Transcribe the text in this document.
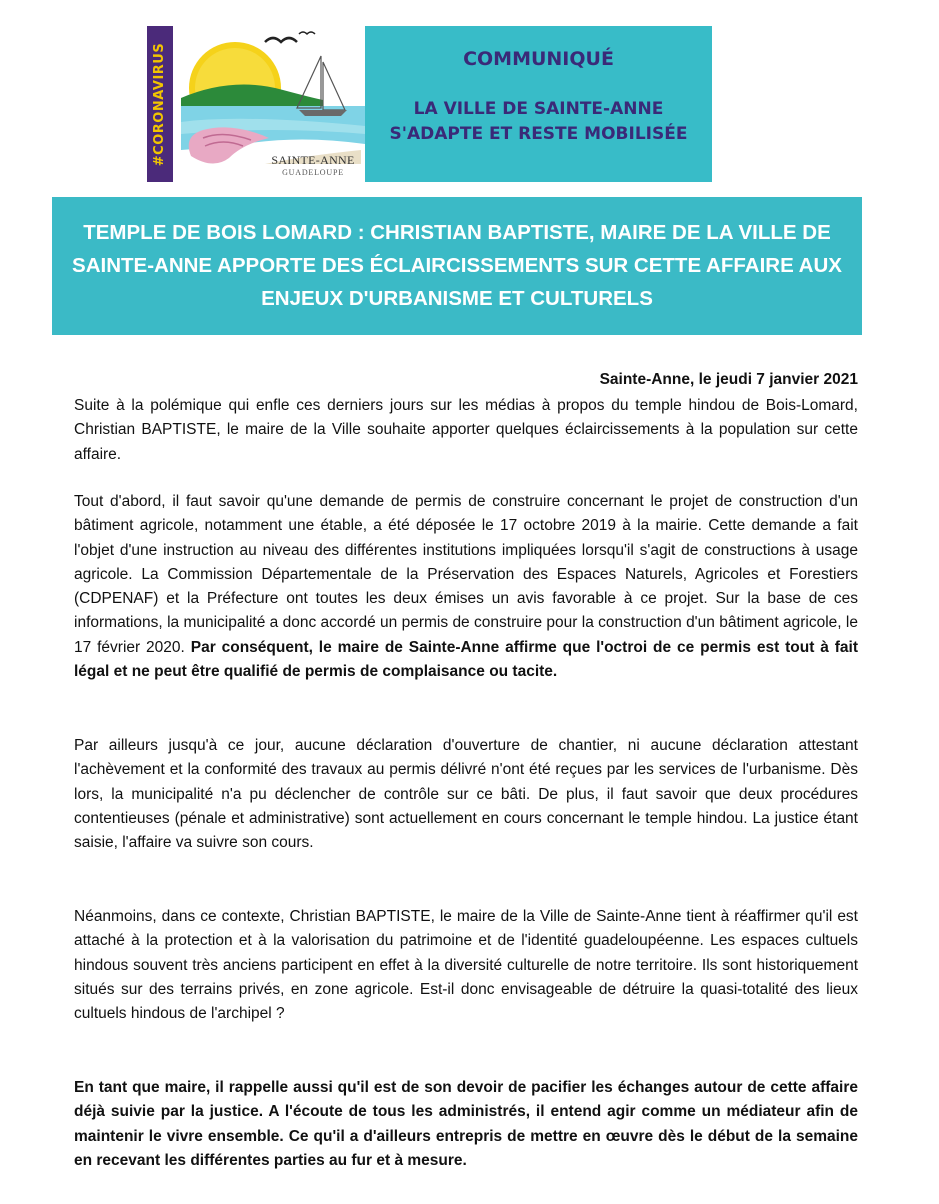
#CORONAVIRUS	SAINTE-ANNE
GUADELOUPE
COMMUNIQUÉ
LA VILLE DE SAINTE-ANNE
S'ADAPTE ET RESTE MOBILISÉE
TEMPLE DE BOIS LOMARD : CHRISTIAN BAPTISTE, MAIRE DE LA VILLE DE SAINTE-ANNE APPORTE DES ÉCLAIRCISSEMENTS SUR CETTE AFFAIRE AUX ENJEUX D'URBANISME ET CULTURELS
Sainte-Anne, le jeudi 7 janvier 2021

Suite à la polémique qui enfle ces derniers jours sur les médias à propos du temple hindou de Bois-Lomard, Christian BAPTISTE, le maire de la Ville souhaite apporter quelques éclaircissements à la population sur cette affaire.

Tout d'abord, il faut savoir qu'une demande de permis de construire concernant le projet de construction d'un bâtiment agricole, notamment une étable, a été déposée le 17 octobre 2019 à la mairie. Cette demande a fait l'objet d'une instruction au niveau des différentes institutions impliquées lorsqu'il s'agit de constructions à usage agricole. La Commission Départementale de la Préservation des Espaces Naturels, Agricoles et Forestiers (CDPENAF) et la Préfecture ont toutes les deux émises un avis favorable à ce projet. Sur la base de ces informations, la municipalité a donc accordé un permis de construire pour la construction d'un bâtiment agricole, le 17 février 2020. Par conséquent, le maire de Sainte-Anne affirme que l'octroi de ce permis est tout à fait légal et ne peut être qualifié de permis de complaisance ou tacite.

Par ailleurs jusqu'à ce jour, aucune déclaration d'ouverture de chantier, ni aucune déclaration attestant l'achèvement et la conformité des travaux au permis délivré n'ont été reçues par les services de l'urbanisme. Dès lors, la municipalité n'a pu déclencher de contrôle sur ce bâti. De plus, il faut savoir que deux procédures contentieuses (pénale et administrative) sont actuellement en cours concernant le temple hindou. La justice étant saisie, l'affaire va suivre son cours.

Néanmoins, dans ce contexte, Christian BAPTISTE, le maire de la Ville de Sainte-Anne tient à réaffirmer qu'il est attaché à la protection et à la valorisation du patrimoine et de l'identité guadeloupéenne. Les espaces cultuels hindous souvent très anciens participent en effet à la diversité culturelle de notre territoire. Ils sont historiquement situés sur des terrains privés, en zone agricole. Est-il donc envisageable de détruire la quasi-totalité des lieux cultuels hindous de l'archipel ?

En tant que maire, il rappelle aussi qu'il est de son devoir de pacifier les échanges autour de cette affaire déjà suivie par la justice. A l'écoute de tous les administrés, il entend agir comme un médiateur afin de maintenir le vivre ensemble. Ce qu'il a d'ailleurs entrepris de mettre en œuvre dès le début de la semaine en recevant les différentes parties au fur et à mesure.
